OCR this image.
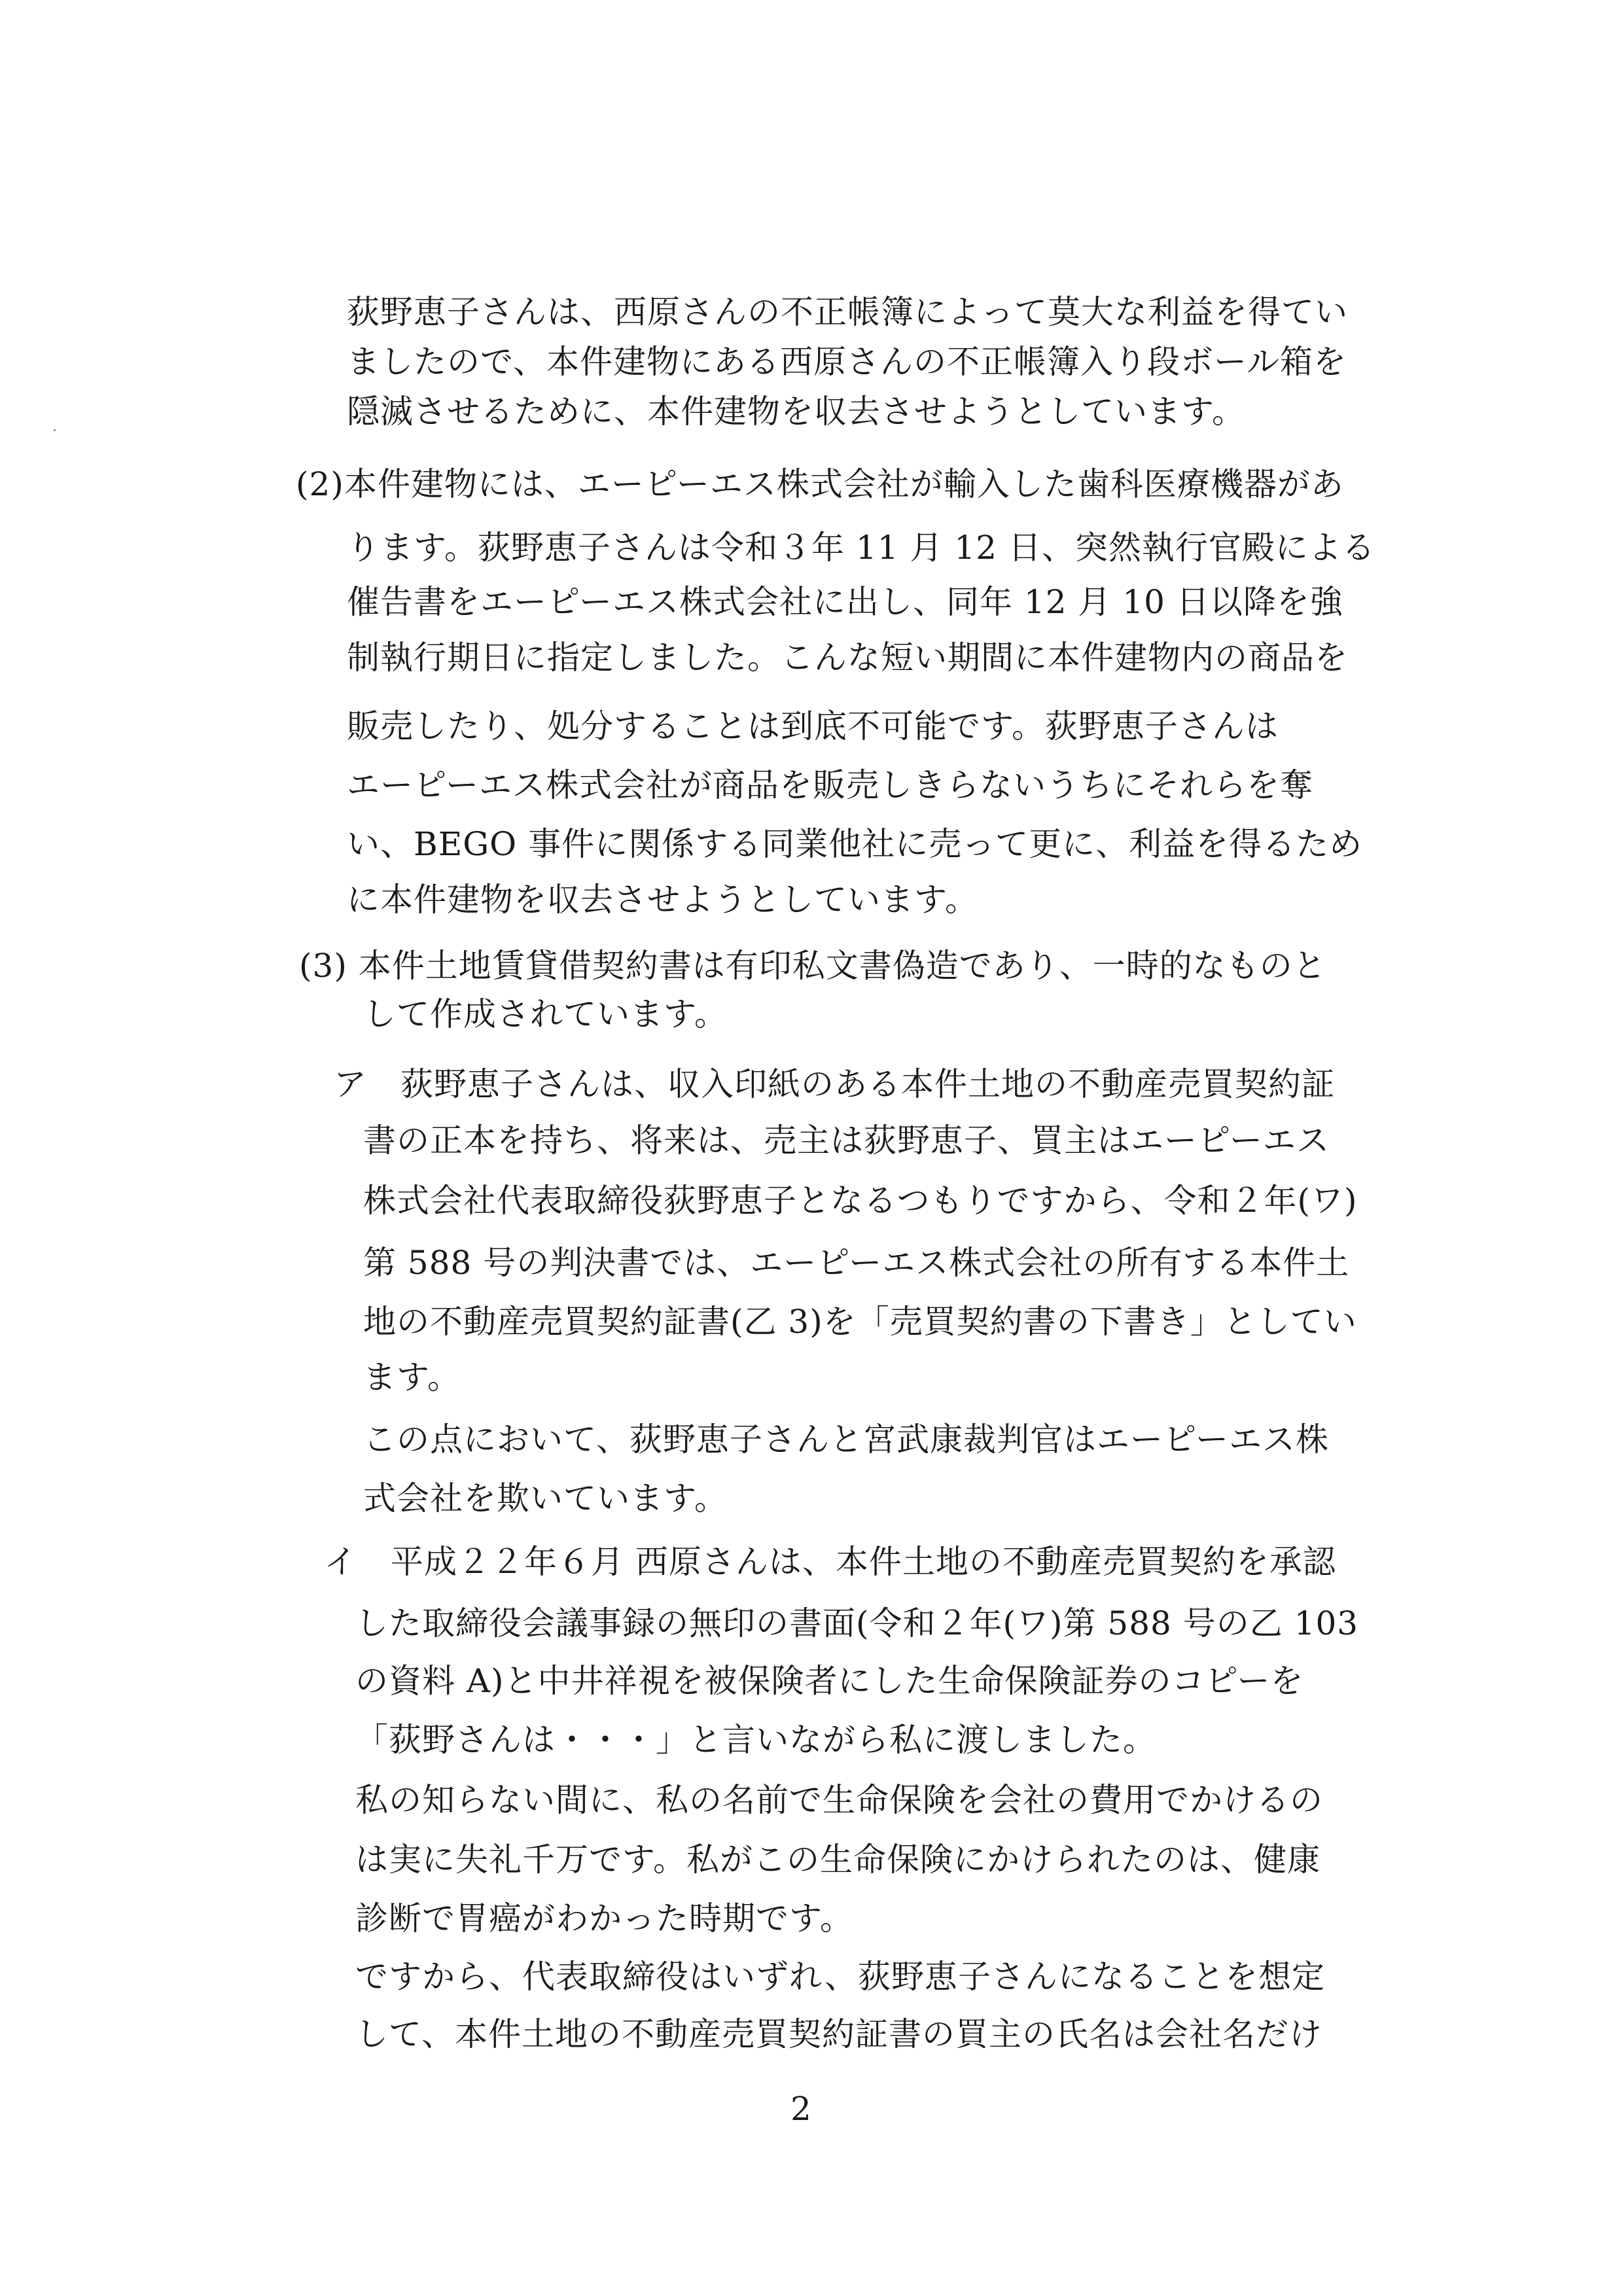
荻野恵子さんは、西原さんの不正帳簿によって莫大な利益を得てい
ましたので、本件建物にある西原さんの不正帳簿入り段ボール箱を
隠滅させるために、本件建物を収去させようとしています。
(2)本件建物には、エーピーエス株式会社が輸入した歯科医療機器があ
ります。荻野恵子さんは令和３年 11 月 12 日、突然執行官殿による
催告書をエーピーエス株式会社に出し、同年 12 月 10 日以降を強
制執行期日に指定しました。こんな短い期間に本件建物内の商品を
販売したり、処分することは到底不可能です。荻野恵子さんは
エーピーエス株式会社が商品を販売しきらないうちにそれらを奪
い、BEGO 事件に関係する同業他社に売って更に、利益を得るため
に本件建物を収去させようとしています。
(3) 本件土地賃貸借契約書は有印私文書偽造であり、一時的なものと
して作成されています。
ア　荻野恵子さんは、収入印紙のある本件土地の不動産売買契約証
書の正本を持ち、将来は、売主は荻野恵子、買主はエーピーエス
株式会社代表取締役荻野恵子となるつもりですから、令和２年(ワ)
第 588 号の判決書では、エーピーエス株式会社の所有する本件土
地の不動産売買契約証書(乙 3)を「売買契約書の下書き」としてい
ます。
この点において、荻野恵子さんと宮武康裁判官はエーピーエス株
式会社を欺いています。
イ　平成２２年６月 西原さんは、本件土地の不動産売買契約を承認
した取締役会議事録の無印の書面(令和２年(ワ)第 588 号の乙 103
の資料 A)と中井祥視を被保険者にした生命保険証券のコピーを
「荻野さんは・・・」と言いながら私に渡しました。
私の知らない間に、私の名前で生命保険を会社の費用でかけるの
は実に失礼千万です。私がこの生命保険にかけられたのは、健康
診断で胃癌がわかった時期です。
ですから、代表取締役はいずれ、荻野恵子さんになることを想定
して、本件土地の不動産売買契約証書の買主の氏名は会社名だけ
2
